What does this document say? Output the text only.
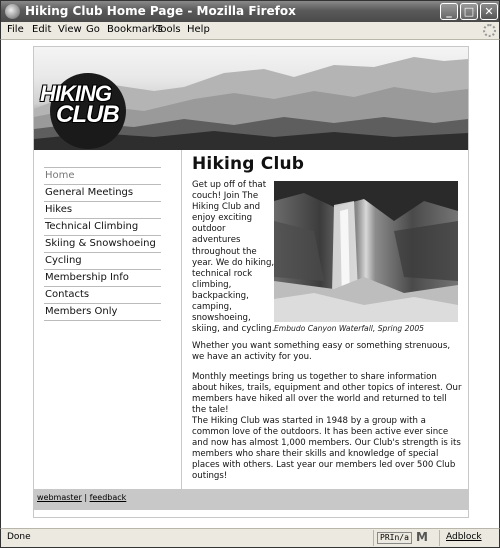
Hiking Club Home Page - Mozilla Firefox	_	□ ✕
File Edit View Go Bookmarks
Tools Help
HIKING
CLUB
Home
General Meetings
Hikes
Technical Climbing
Skiing & Snowshoeing
Cycling
Membership Info
Contacts
Members Only
Hiking Club

Get up off of that couch! Join The Hiking Club and enjoy exciting outdoor adventures throughout the year. We do hiking, technical rock climbing, backpacking, camping, snowshoeing, skiing, and cycling. Embudo Canyon Waterfall, Spring 2005

Whether you want something easy or something strenuous, we have an activity for you.

Monthly meetings bring us together to share information about hikes, trails, equipment and other topics of interest. Our members have hiked all over the world and returned to tell the tale!

The Hiking Club was started in 1948 by a group with a common love of the outdoors. It has been active ever since and now has almost 1,000 members. Our Club's strength is its members who share their skills and knowledge of special places with others. Last year our members led over 500 Club outings!

webmaster | feedback
Done	PRIn/a M Adblock
